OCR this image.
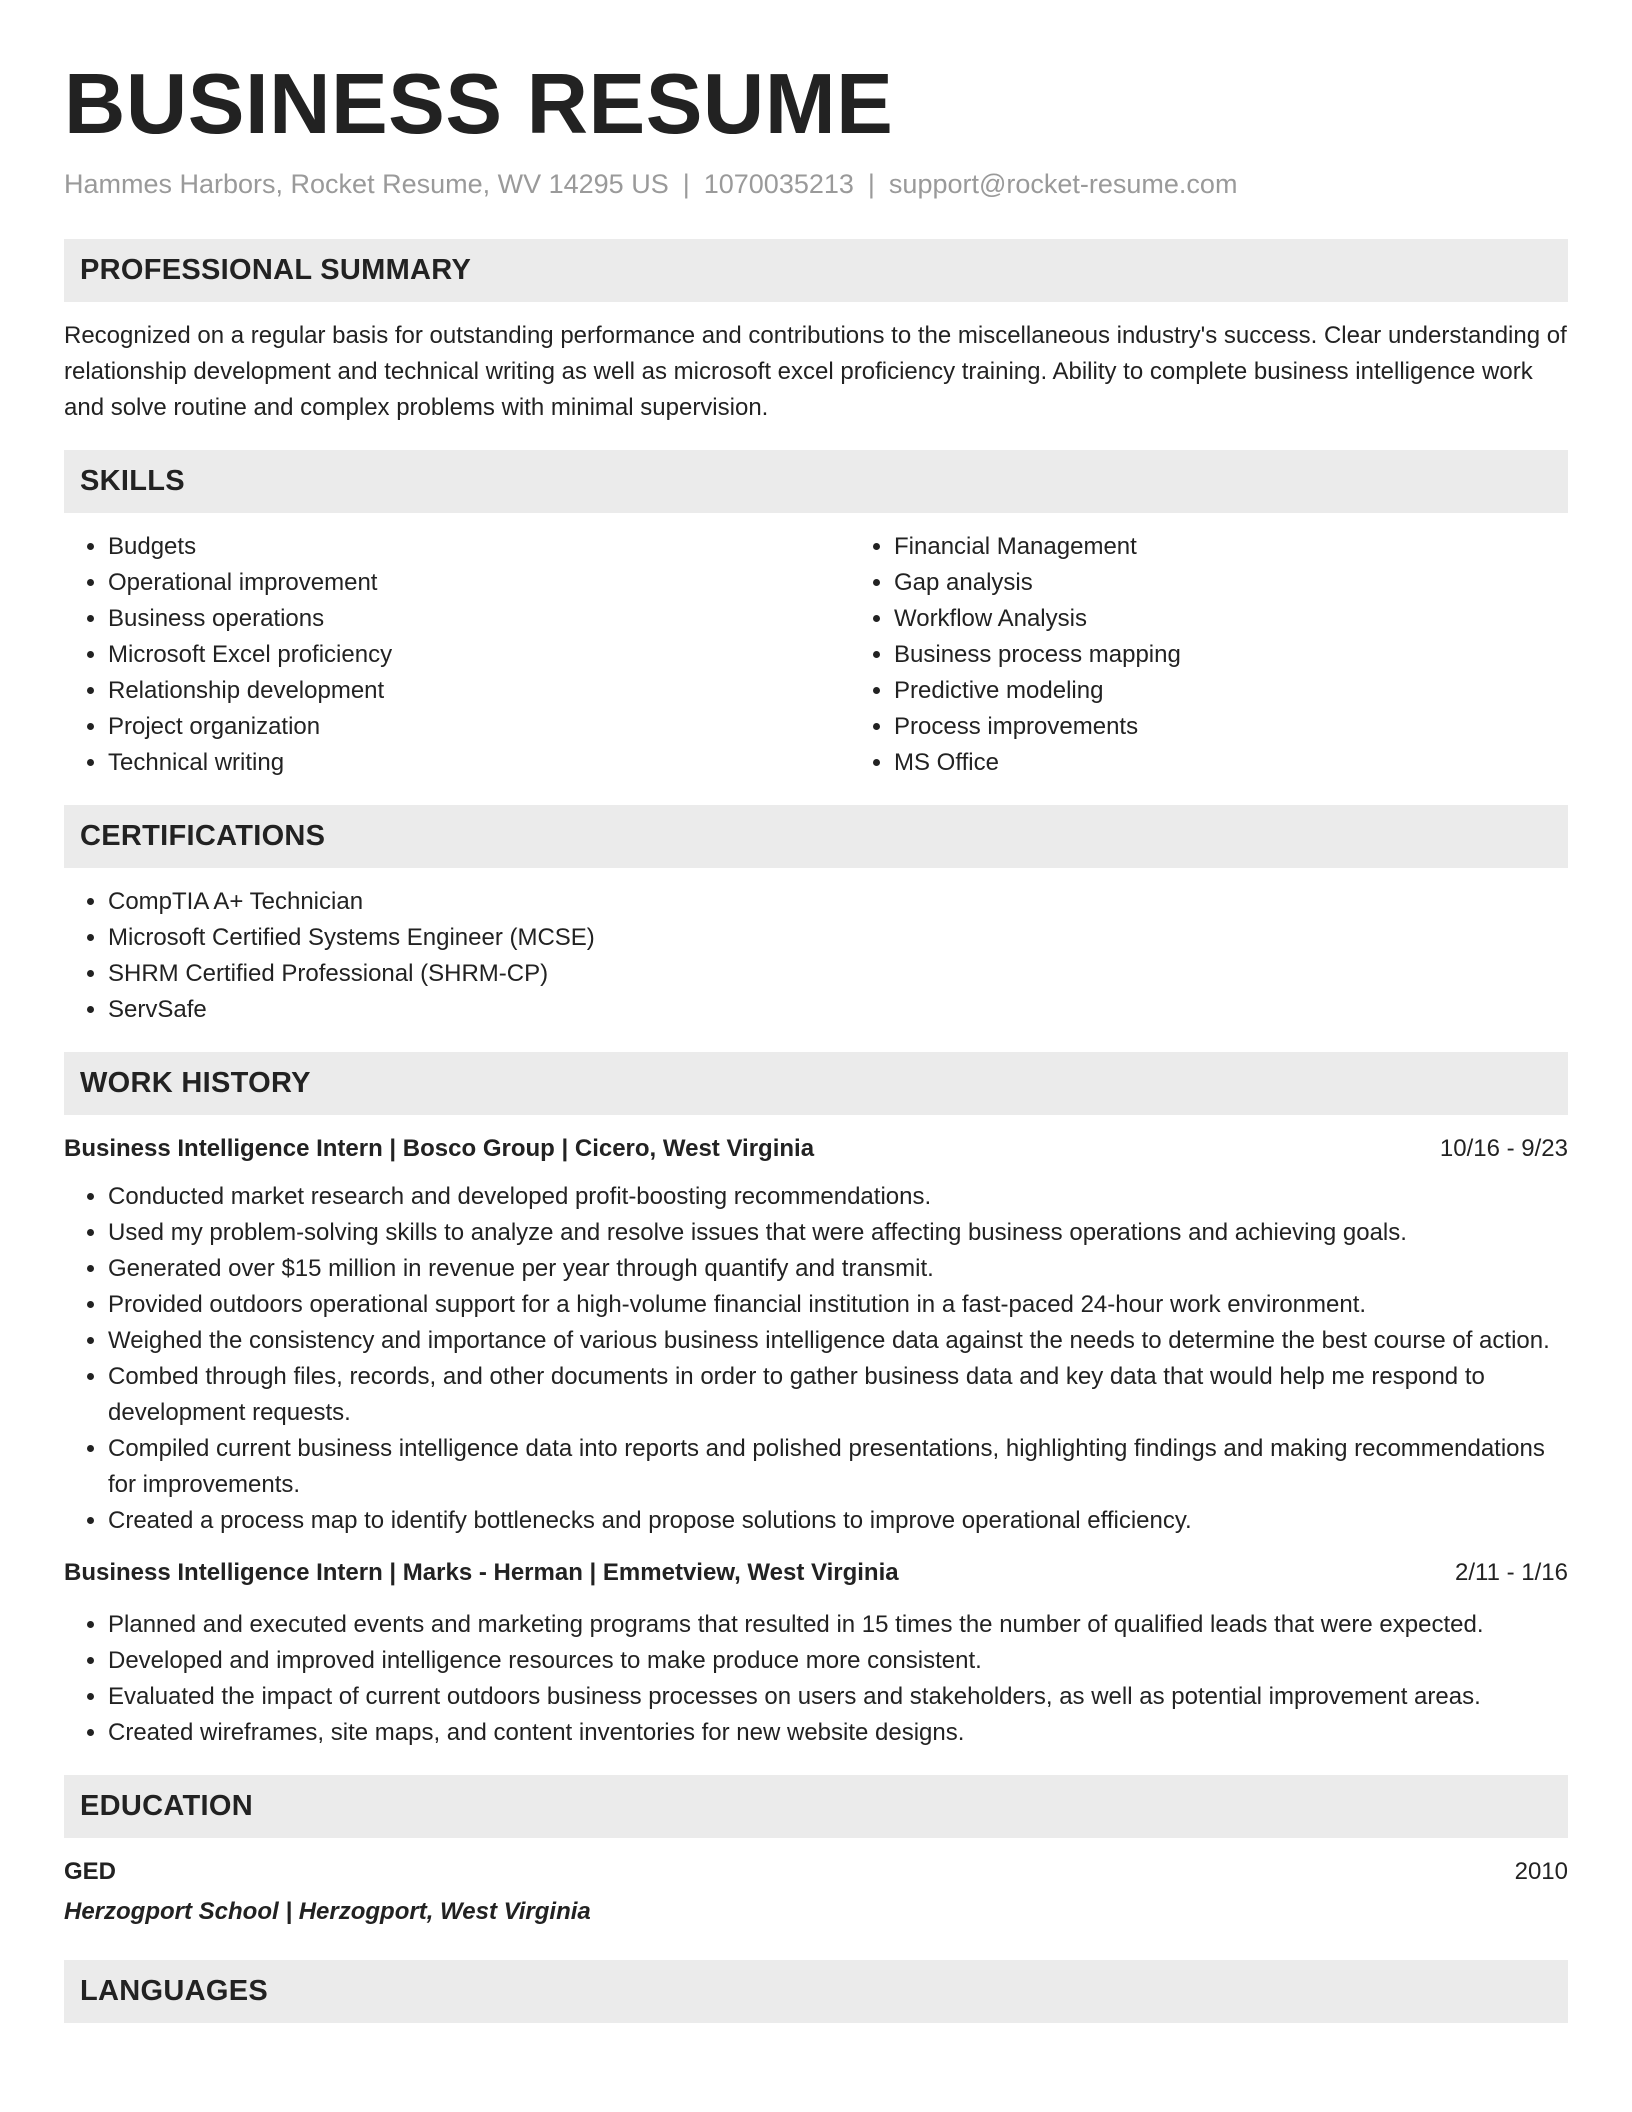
BUSINESS RESUME
Hammes Harbors, Rocket Resume, WV 14295 US | 1070035213 | support@rocket-resume.com
PROFESSIONAL SUMMARY

Recognized on a regular basis for outstanding performance and contributions to the miscellaneous industry's success. Clear understanding of relationship development and technical writing as well as microsoft excel proficiency training. Ability to complete business intelligence work and solve routine and complex problems with minimal supervision.

SKILLS
• Budgets
• Operational improvement
• Business operations
• Microsoft Excel proficiency
• Relationship development
• Project organization
• Technical writing
• Financial Management
• Gap analysis
• Workflow Analysis
• Business process mapping
• Predictive modeling
• Process improvements
• MS Office
CERTIFICATIONS
• CompTIA A+ Technician
• Microsoft Certified Systems Engineer (MCSE)
• SHRM Certified Professional (SHRM-CP)
• ServSafe
WORK HISTORY
Business Intelligence Intern | Bosco Group | Cicero, West Virginia	10/16 - 9/23
• Conducted market research and developed profit-boosting recommendations.
• Used my problem-solving skills to analyze and resolve issues that were affecting business operations and achieving goals.
• Generated over $15 million in revenue per year through quantify and transmit.
• Provided outdoors operational support for a high-volume financial institution in a fast-paced 24-hour work environment.
• Weighed the consistency and importance of various business intelligence data against the needs to determine the best course of action.
• Combed through files, records, and other documents in order to gather business data and key data that would help me respond to development requests.
• Compiled current business intelligence data into reports and polished presentations, highlighting findings and making recommendations for improvements.
• Created a process map to identify bottlenecks and propose solutions to improve operational efficiency.
Business Intelligence Intern | Marks - Herman | Emmetview, West Virginia	2/11 - 1/16
• Planned and executed events and marketing programs that resulted in 15 times the number of qualified leads that were expected.
• Developed and improved intelligence resources to make produce more consistent.
• Evaluated the impact of current outdoors business processes on users and stakeholders, as well as potential improvement areas.
• Created wireframes, site maps, and content inventories for new website designs.
EDUCATION
GED	2010
Herzogport School | Herzogport, West Virginia
LANGUAGES
